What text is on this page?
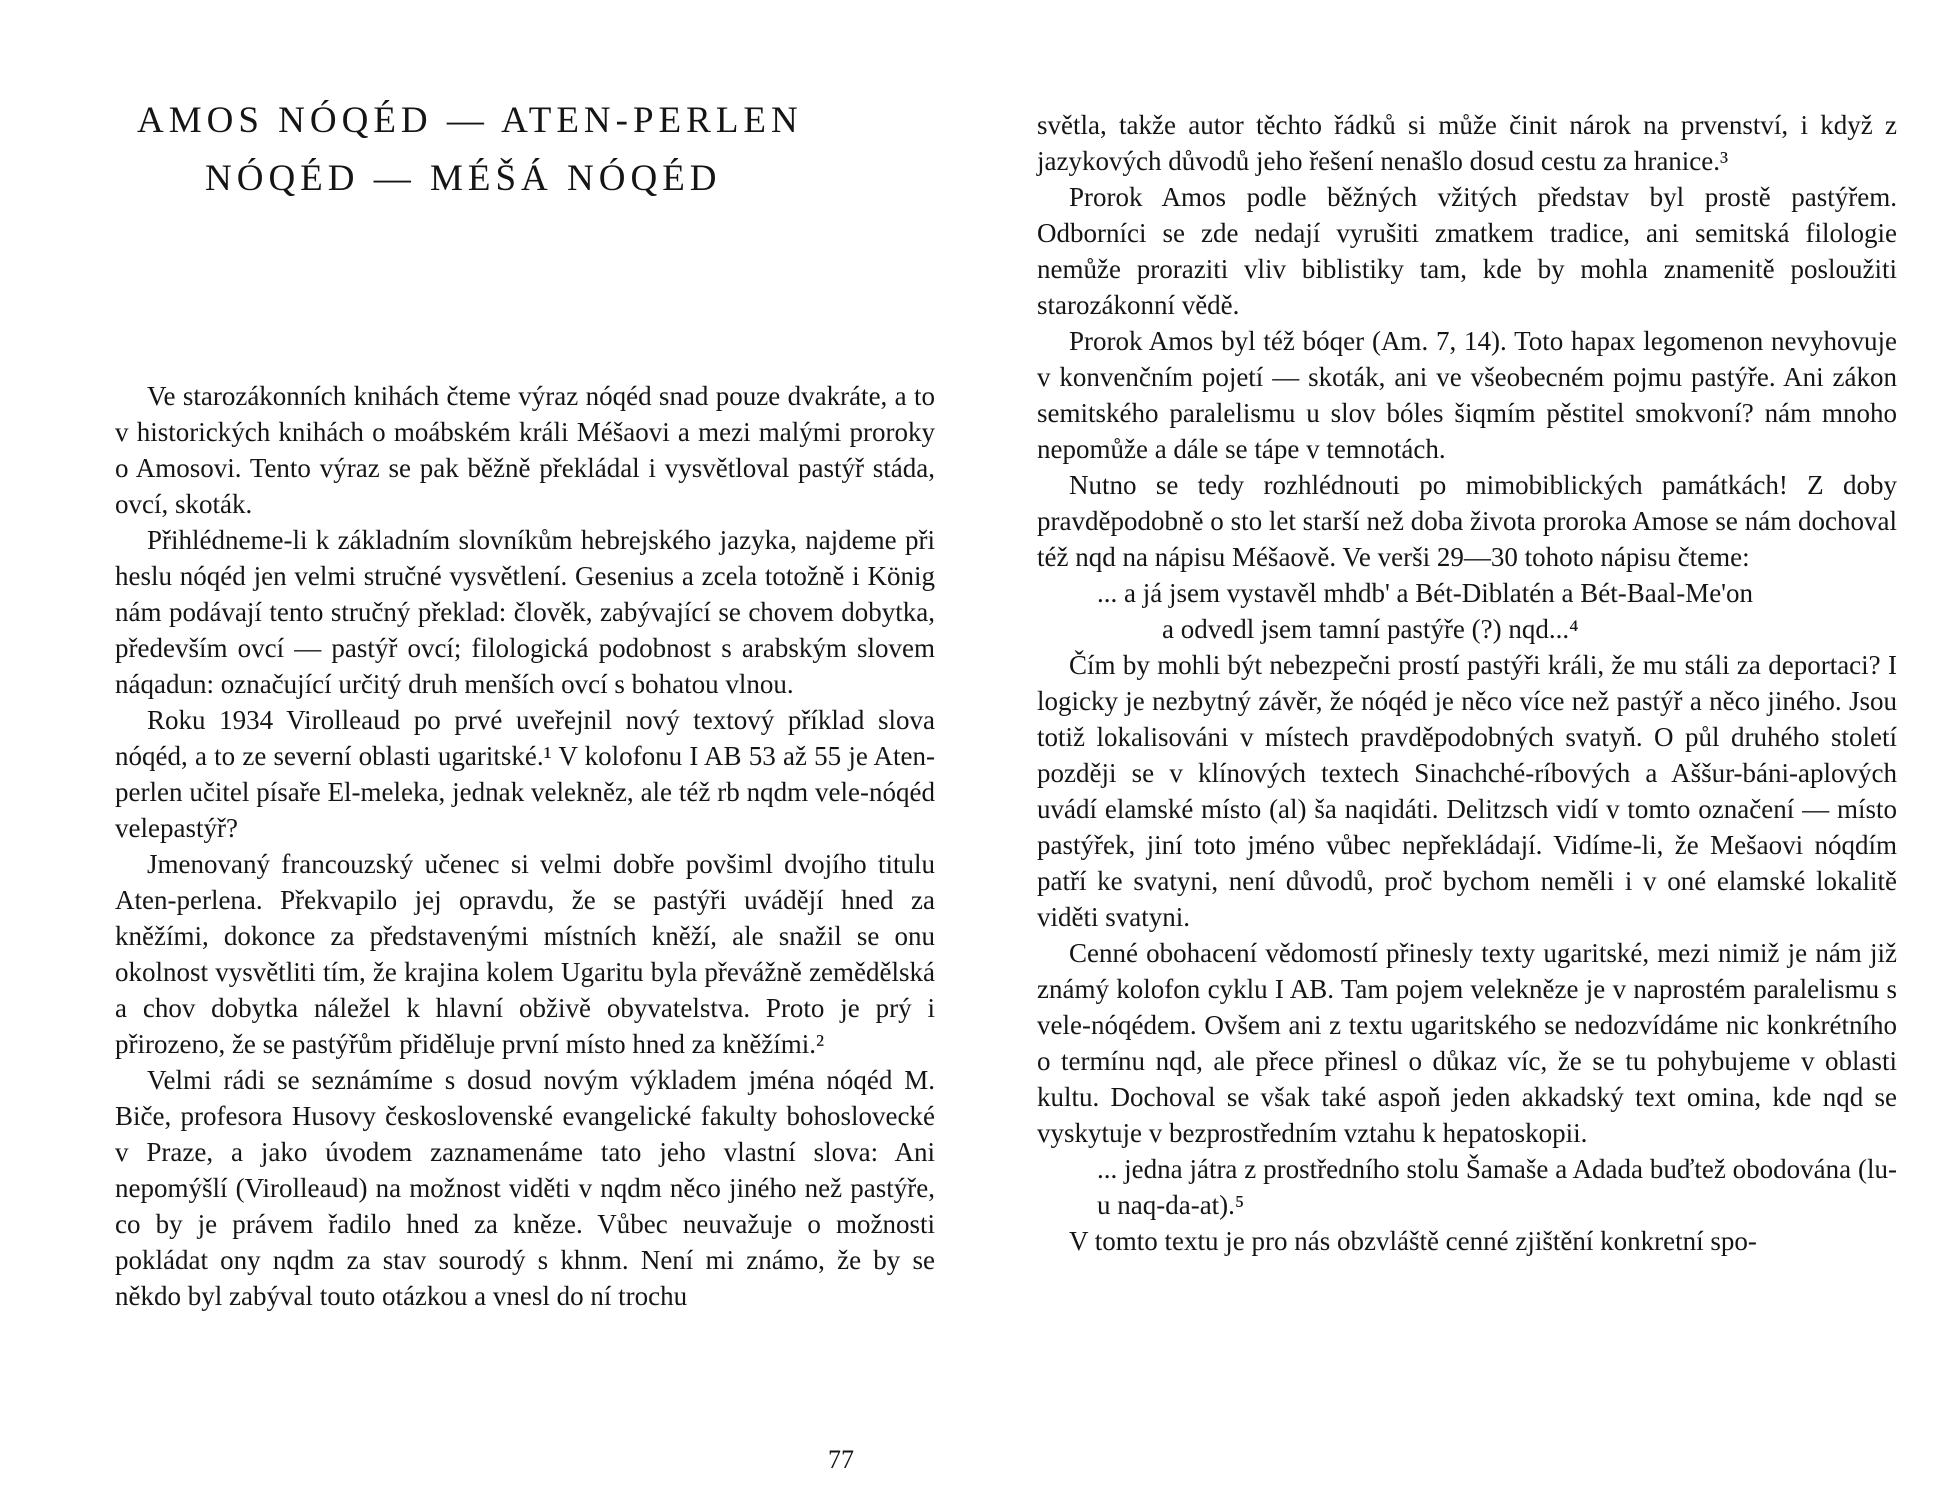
AMOS NÓQÉD — ATEN-PERLEN
NÓQÉD — MÉŠÁ NÓQÉD

Ve starozákonních knihách čteme výraz nóqéd snad pouze dvakráte, a to v historických knihách o moábském králi Méšaovi a mezi malými proroky o Amosovi. Tento výraz se pak běžně překládal i vysvětloval pastýř stáda, ovcí, skoták.

Přihlédneme-li k základním slovníkům hebrejského jazyka, najdeme při heslu nóqéd jen velmi stručné vysvětlení. Gesenius a zcela totožně i König nám podávají tento stručný překlad: člověk, zabývající se chovem dobytka, především ovcí — pastýř ovcí; filologická podobnost s arabským slovem náqadun: označující určitý druh menších ovcí s bohatou vlnou.

Roku 1934 Virolleaud po prvé uveřejnil nový textový příklad slova nóqéd, a to ze severní oblasti ugaritské.¹ V kolofonu I AB 53 až 55 je Aten-perlen učitel písaře El-meleka, jednak velekněz, ale též rb nqdm vele-nóqéd velepastýř?

Jmenovaný francouzský učenec si velmi dobře povšiml dvojího titulu Aten-perlena. Překvapilo jej opravdu, že se pastýři uvádějí hned za kněžími, dokonce za představenými místních kněží, ale snažil se onu okolnost vysvětliti tím, že krajina kolem Ugaritu byla převážně zemědělská a chov dobytka náležel k hlavní obživě obyvatelstva. Proto je prý i přirozeno, že se pastýřům přiděluje první místo hned za kněžími.²

Velmi rádi se seznámíme s dosud novým výkladem jména nóqéd M. Biče, profesora Husovy československé evangelické fakulty bohoslovecké v Praze, a jako úvodem zaznamenáme tato jeho vlastní slova: Ani nepomýšlí (Virolleaud) na možnost viděti v nqdm něco jiného než pastýře, co by je právem řadilo hned za kněze. Vůbec neuvažuje o možnosti pokládat ony nqdm za stav sourodý s khnm. Není mi známo, že by se někdo byl zabýval touto otázkou a vnesl do ní trochu

77

světla, takže autor těchto řádků si může činit nárok na prvenství, i když z jazykových důvodů jeho řešení nenašlo dosud cestu za hranice.³

Prorok Amos podle běžných vžitých představ byl prostě pastýřem. Odborníci se zde nedají vyrušiti zmatkem tradice, ani semitská filologie nemůže proraziti vliv biblistiky tam, kde by mohla znamenitě posloužiti starozákonní vědě.

Prorok Amos byl též bóqer (Am. 7, 14). Toto hapax legomenon nevyhovuje v konvenčním pojetí — skoták, ani ve všeobecném pojmu pastýře. Ani zákon semitského paralelismu u slov bóles šiqmím pěstitel smokvoní? nám mnoho nepomůže a dále se tápe v temnotách.

Nutno se tedy rozhlédnouti po mimobiblických památkách! Z doby pravděpodobně o sto let starší než doba života proroka Amose se nám dochoval též nqd na nápisu Méšaově. Ve verši 29—30 tohoto nápisu čteme:

... a já jsem vystavěl mhdb' a Bét-Diblatén a Bét-Baal-Me'on

a odvedl jsem tamní pastýře (?) nqd...⁴

Čím by mohli být nebezpečni prostí pastýři králi, že mu stáli za deportaci? I logicky je nezbytný závěr, že nóqéd je něco více než pastýř a něco jiného. Jsou totiž lokalisováni v místech pravděpodobných svatyň. O půl druhého století později se v klínových textech Sinachché-ríbových a Aššur-báni-aplových uvádí elamské místo (al) ša naqidáti. Delitzsch vidí v tomto označení — místo pastýřek, jiní toto jméno vůbec nepřekládají. Vidíme-li, že Mešaovi nóqdím patří ke svatyni, není důvodů, proč bychom neměli i v oné elamské lokalitě viděti svatyni.

Cenné obohacení vědomostí přinesly texty ugaritské, mezi nimiž je nám již známý kolofon cyklu I AB. Tam pojem velekněze je v naprostém paralelismu s vele-nóqédem. Ovšem ani z textu ugaritského se nedozvídáme nic konkrétního o termínu nqd, ale přece přinesl o důkaz víc, že se tu pohybujeme v oblasti kultu. Dochoval se však také aspoň jeden akkadský text omina, kde nqd se vyskytuje v bezprostředním vztahu k hepatoskopii.

... jedna játra z prostředního stolu Šamaše a Adada buďtež obodována (lu-u naq-da-at).⁵

V tomto textu je pro nás obzvláště cenné zjištění konkretní spo-
